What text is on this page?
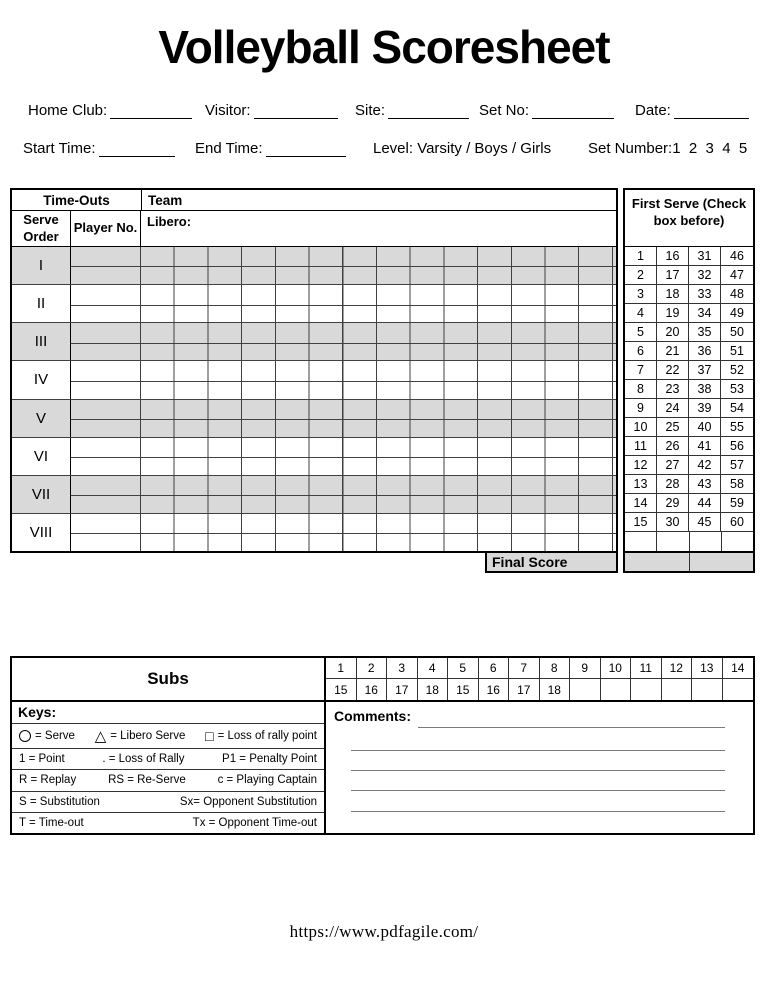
Volleyball Scoresheet
Home Club:	Visitor:	Site:	Set No:	Date:
Start Time:	End Time:	Level: Varsity / Boys / Girls Set Number:1  2  3  4  5
Time-Outs	Team
Serve Order
Player No. Libero:
I
II
III
IV
V
VI
VII
VIII
Final Score
First Serve (Check box before)
1	16	31	46
2	17	32	47
3	18	33	48
4	19	34	49
5	20	35	50
6	21	36	51
7	22	37	52
8	23	38	53
9	24	39	54
10	25	40	55
11	26	41	56
12	27	42	57
13	28	43	58
14	29	44	59
15	30	45	60
Subs
1	2	3	4	5	6	7	8	9	10	11	12	13	14
15	16	17	18	15	16	17	18
Keys:
= Serve △ = Libero Serve □ = Loss of rally point
1 = Point	. = Loss of Rally	P1 = Penalty Point
R = Replay	RS = Re-Serve	c = Playing Captain
S = Substitution	Sx= Opponent Substitution
T = Time-out	Tx = Opponent Time-out
Comments:
https://www.pdfagile.com/
